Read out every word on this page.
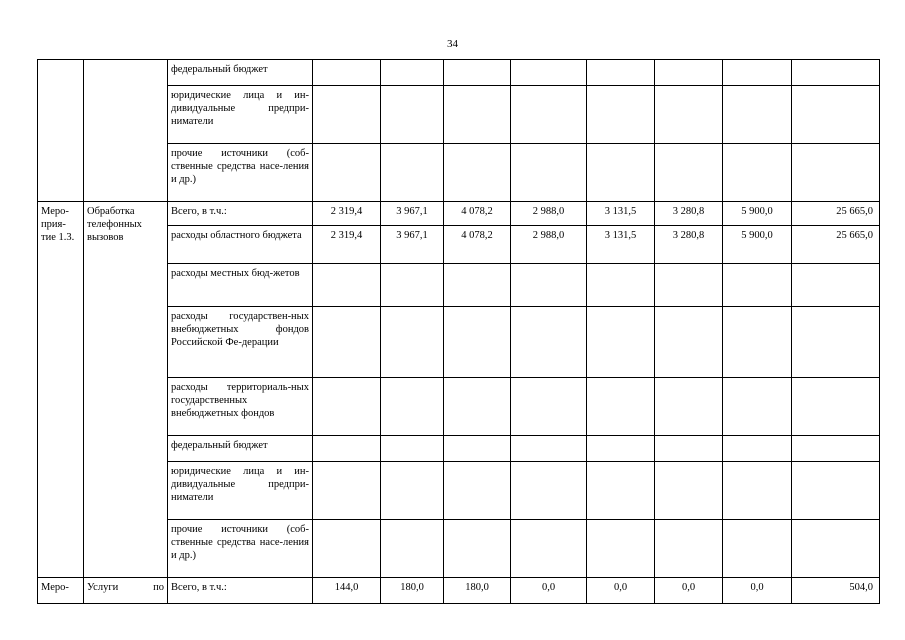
34
		федеральный бюджет								
		юридические лица и ин-дивидуальные предпри-ниматели								
		прочие источники (соб-ственные средства насе-ления и др.)								
Меро-прия-тие 1.3.	Обработка телефонных вызовов	Всего, в т.ч.:	2 319,4	3 967,1	4 078,2	2 988,0	3 131,5	3 280,8	5 900,0	25 665,0
		расходы областного бюджета	2 319,4	3 967,1	4 078,2	2 988,0	3 131,5	3 280,8	5 900,0	25 665,0
		расходы местных бюд-жетов								
		расходы государствен-ных внебюджетных фондов Российской Фе-дерации								
		расходы территориаль-ных государственных внебюджетных фондов								
		федеральный бюджет								
		юридические лица и ин-дивидуальные предпри-ниматели								
		прочие источники (соб-ственные средства насе-ления и др.)								
Меро-	Услуги по	Всего, в т.ч.:	144,0	180,0	180,0	0,0	0,0	0,0	0,0	504,0
